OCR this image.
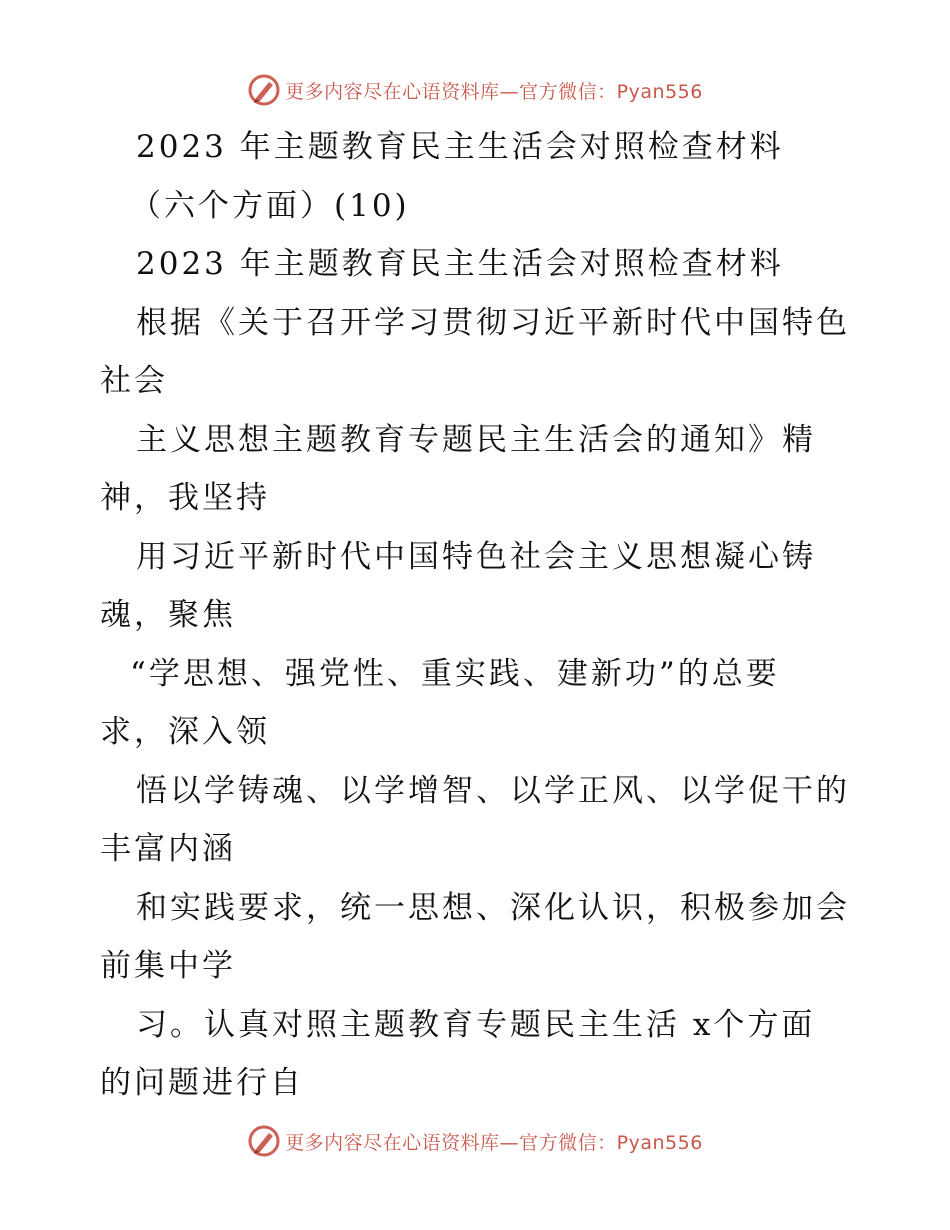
更多内容尽在心语资料库—官方微信：Pyan556
2023 年主题教育民主生活会对照检查材料
（六个方面）(10)
2023 年主题教育民主生活会对照检查材料
根据《关于召开学习贯彻习近平新时代中国特色
社会
主义思想主题教育专题民主生活会的通知》精
神，我坚持
用习近平新时代中国特色社会主义思想凝心铸
魂，聚焦
“学思想、强党性、重实践、建新功”的总要
求，深入领
悟以学铸魂、以学增智、以学正风、以学促干的
丰富内涵
和实践要求，统一思想、深化认识，积极参加会
前集中学
习。认真对照主题教育专题民主生活 x个方面
的问题进行自
更多内容尽在心语资料库—官方微信：Pyan556
